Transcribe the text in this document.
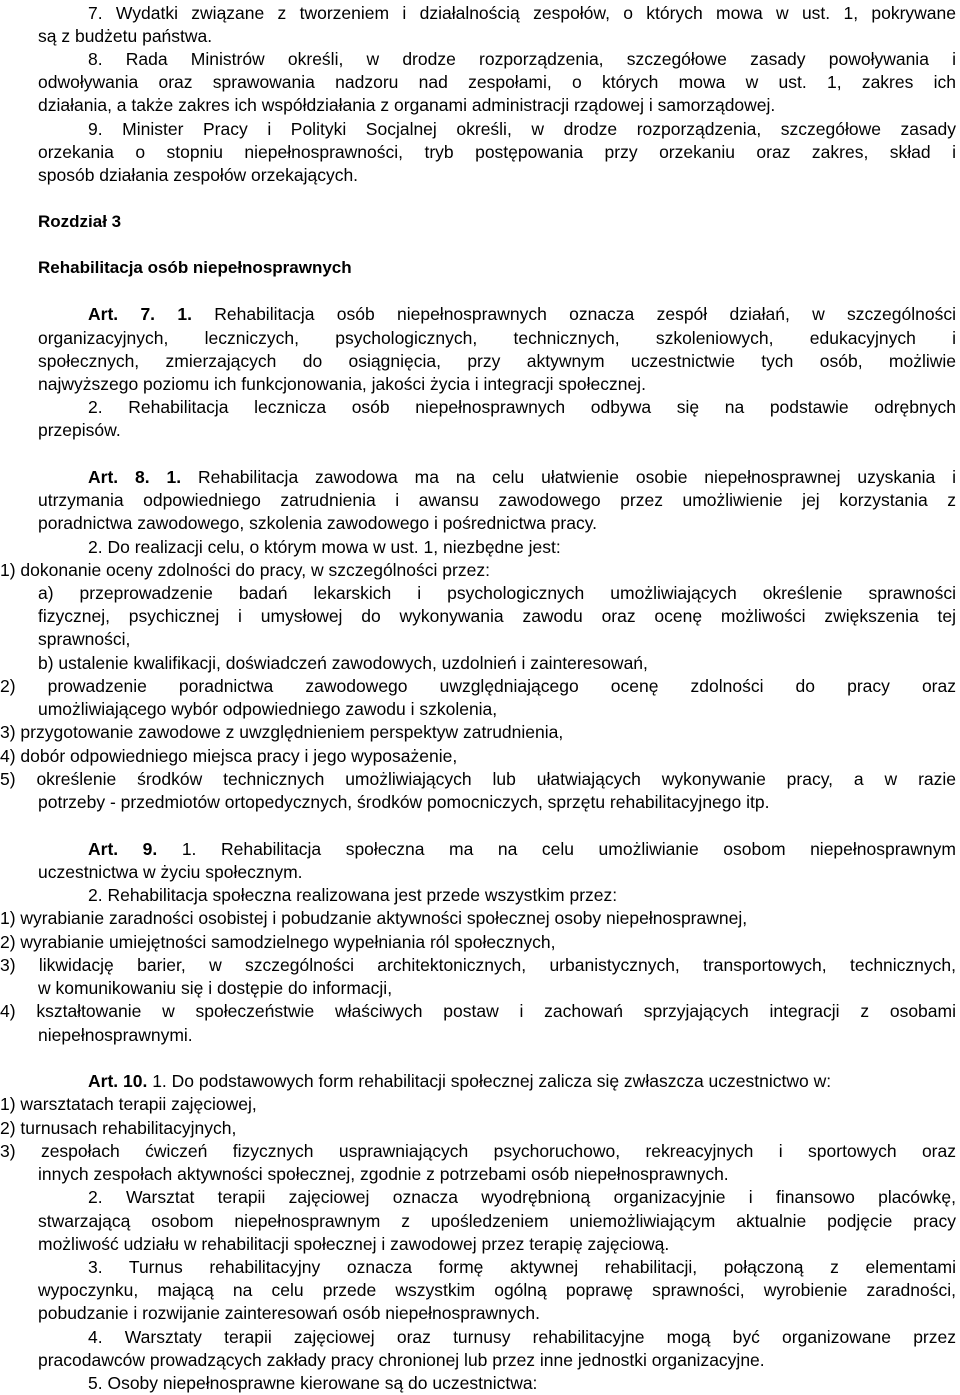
7. Wydatki związane z tworzeniem i działalnością zespołów, o których mowa w ust. 1, pokrywane
są z budżetu państwa.
8. Rada Ministrów określi, w drodze rozporządzenia, szczegółowe zasady powoływania i
odwoływania oraz sprawowania nadzoru nad zespołami, o których mowa w ust. 1, zakres ich
działania, a także zakres ich współdziałania z organami administracji rządowej i samorządowej.
9. Minister Pracy i Polityki Socjalnej określi, w drodze rozporządzenia, szczegółowe zasady
orzekania o stopniu niepełnosprawności, tryb postępowania przy orzekaniu oraz zakres, skład i
sposób działania zespołów orzekających.
Rozdział 3
Rehabilitacja osób niepełnosprawnych
Art. 7. 1. Rehabilitacja osób niepełnosprawnych oznacza zespół działań, w szczególności
organizacyjnych, leczniczych, psychologicznych, technicznych, szkoleniowych, edukacyjnych i
społecznych, zmierzających do osiągnięcia, przy aktywnym uczestnictwie tych osób, możliwie
najwyższego poziomu ich funkcjonowania, jakości życia i integracji społecznej.
2. Rehabilitacja lecznicza osób niepełnosprawnych odbywa się na podstawie odrębnych
przepisów.
Art. 8. 1. Rehabilitacja zawodowa ma na celu ułatwienie osobie niepełnosprawnej uzyskania i
utrzymania odpowiedniego zatrudnienia i awansu zawodowego przez umożliwienie jej korzystania z
poradnictwa zawodowego, szkolenia zawodowego i pośrednictwa pracy.
2. Do realizacji celu, o którym mowa w ust. 1, niezbędne jest:
1) dokonanie oceny zdolności do pracy, w szczególności przez:
a) przeprowadzenie badań lekarskich i psychologicznych umożliwiających określenie sprawności
fizycznej, psychicznej i umysłowej do wykonywania zawodu oraz ocenę możliwości zwiększenia tej
sprawności,
b) ustalenie kwalifikacji, doświadczeń zawodowych, uzdolnień i zainteresowań,
2) prowadzenie poradnictwa zawodowego uwzględniającego ocenę zdolności do pracy oraz
umożliwiającego wybór odpowiedniego zawodu i szkolenia,
3) przygotowanie zawodowe z uwzględnieniem perspektyw zatrudnienia,
4) dobór odpowiedniego miejsca pracy i jego wyposażenie,
5) określenie środków technicznych umożliwiających lub ułatwiających wykonywanie pracy, a w razie
potrzeby - przedmiotów ortopedycznych, środków pomocniczych, sprzętu rehabilitacyjnego itp.
Art. 9. 1. Rehabilitacja społeczna ma na celu umożliwianie osobom niepełnosprawnym
uczestnictwa w życiu społecznym.
2. Rehabilitacja społeczna realizowana jest przede wszystkim przez:
1) wyrabianie zaradności osobistej i pobudzanie aktywności społecznej osoby niepełnosprawnej,
2) wyrabianie umiejętności samodzielnego wypełniania ról społecznych,
3) likwidację barier, w szczególności architektonicznych, urbanistycznych, transportowych, technicznych,
w komunikowaniu się i dostępie do informacji,
4) kształtowanie w społeczeństwie właściwych postaw i zachowań sprzyjających integracji z osobami
niepełnosprawnymi.
Art. 10. 1. Do podstawowych form rehabilitacji społecznej zalicza się zwłaszcza uczestnictwo w:
1) warsztatach terapii zajęciowej,
2) turnusach rehabilitacyjnych,
3) zespołach ćwiczeń fizycznych usprawniających psychoruchowo, rekreacyjnych i sportowych oraz
innych zespołach aktywności społecznej, zgodnie z potrzebami osób niepełnosprawnych.
2. Warsztat terapii zajęciowej oznacza wyodrębnioną organizacyjnie i finansowo placówkę,
stwarzającą osobom niepełnosprawnym z upośledzeniem uniemożliwiającym aktualnie podjęcie pracy
możliwość udziału w rehabilitacji społecznej i zawodowej przez terapię zajęciową.
3. Turnus rehabilitacyjny oznacza formę aktywnej rehabilitacji, połączoną z elementami
wypoczynku, mającą na celu przede wszystkim ogólną poprawę sprawności, wyrobienie zaradności,
pobudzanie i rozwijanie zainteresowań osób niepełnosprawnych.
4. Warsztaty terapii zajęciowej oraz turnusy rehabilitacyjne mogą być organizowane przez
pracodawców prowadzących zakłady pracy chronionej lub przez inne jednostki organizacyjne.
5. Osoby niepełnosprawne kierowane są do uczestnictwa:
